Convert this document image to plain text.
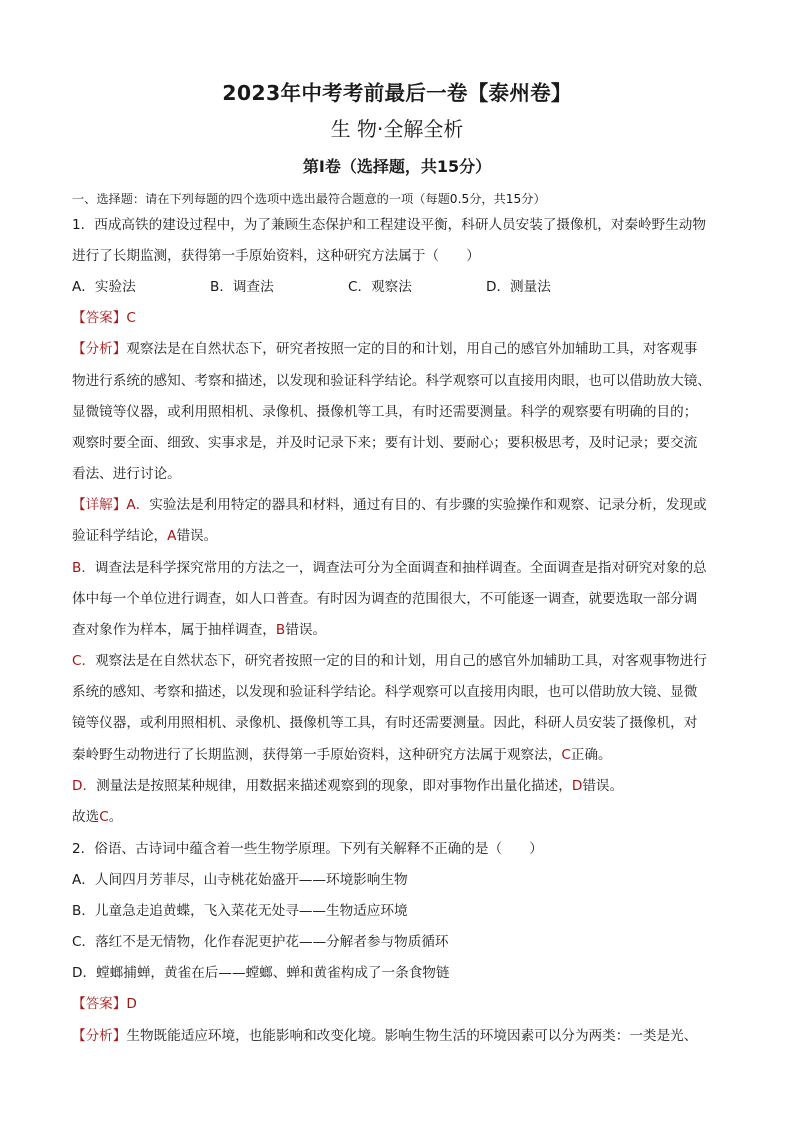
2023年中考考前最后一卷【泰州卷】
生 物·全解全析
第Ⅰ卷（选择题，共15分）
一、选择题：请在下列每题的四个选项中选出最符合题意的一项（每题0.5分，共15分）
1．西成高铁的建设过程中，为了兼顾生态保护和工程建设平衡，科研人员安装了摄像机，对秦岭野生动物
进行了长期监测，获得第一手原始资料，这种研究方法属于（　　）
A．实验法	B．调查法	C．观察法	D．测量法
【答案】C
【分析】观察法是在自然状态下，研究者按照一定的目的和计划，用自己的感官外加辅助工具，对客观事
物进行系统的感知、考察和描述，以发现和验证科学结论。科学观察可以直接用肉眼，也可以借助放大镜、
显微镜等仪器，或利用照相机、录像机、摄像机等工具，有时还需要测量。科学的观察要有明确的目的；
观察时要全面、细致、实事求是，并及时记录下来；要有计划、要耐心；要积极思考，及时记录；要交流
看法、进行讨论。
【详解】A．实验法是利用特定的器具和材料，通过有目的、有步骤的实验操作和观察、记录分析，发现或
验证科学结论，A错误。
B．调查法是科学探究常用的方法之一，调查法可分为全面调查和抽样调查。全面调查是指对研究对象的总
体中每一个单位进行调查，如人口普查。有时因为调查的范围很大，不可能逐一调查，就要选取一部分调
查对象作为样本，属于抽样调查，B错误。
C．观察法是在自然状态下，研究者按照一定的目的和计划，用自己的感官外加辅助工具，对客观事物进行
系统的感知、考察和描述，以发现和验证科学结论。科学观察可以直接用肉眼，也可以借助放大镜、显微
镜等仪器，或利用照相机、录像机、摄像机等工具，有时还需要测量。因此，科研人员安装了摄像机，对
秦岭野生动物进行了长期监测，获得第一手原始资料，这种研究方法属于观察法，C正确。
D．测量法是按照某种规律，用数据来描述观察到的现象，即对事物作出量化描述，D错误。
故选C。
2．俗语、古诗词中蕴含着一些生物学原理。下列有关解释不正确的是（　　）
A．人间四月芳菲尽，山寺桃花始盛开——环境影响生物
B．儿童急走追黄蝶，飞入菜花无处寻——生物适应环境
C．落红不是无情物，化作春泥更护花——分解者参与物质循环
D．螳螂捕蝉，黄雀在后——螳螂、蝉和黄雀构成了一条食物链
【答案】D
【分析】生物既能适应环境，也能影响和改变化境。影响生物生活的环境因素可以分为两类：一类是光、
